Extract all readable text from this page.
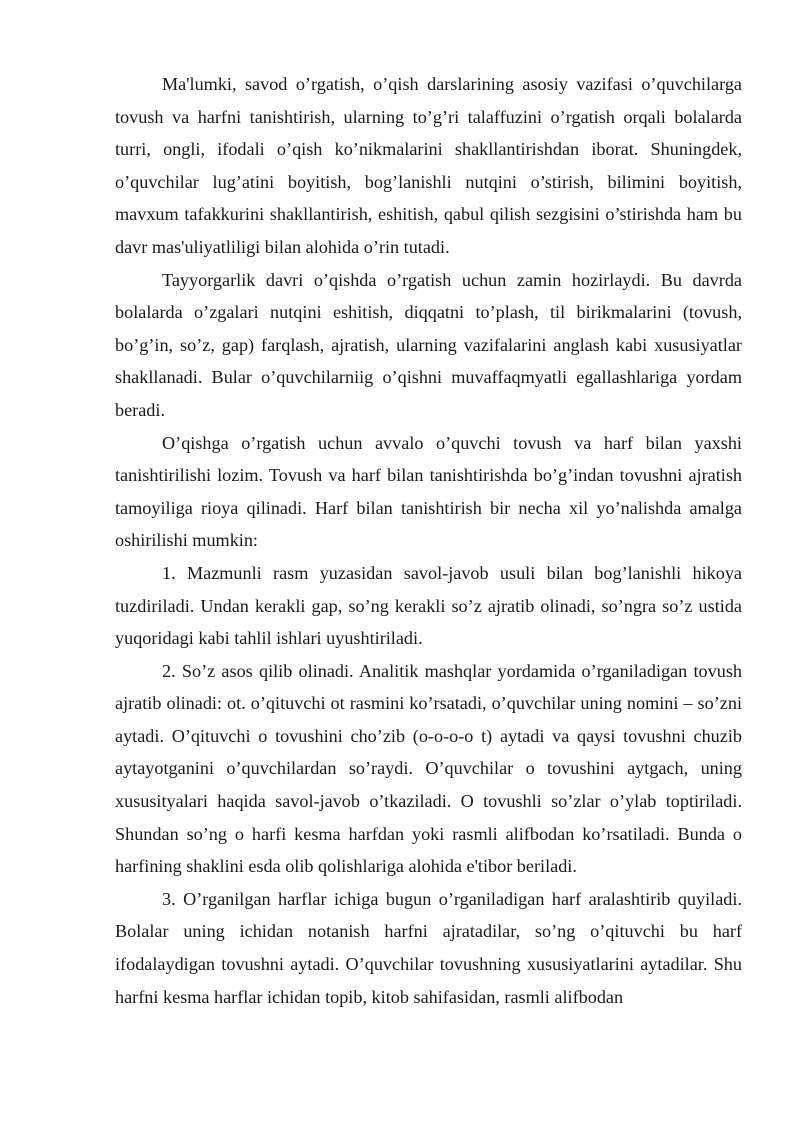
Ma'lumki, savod o’rgatish, o’qish darslarining asosiy vazifasi o’quvchilarga tovush va harfni tanishtirish, ularning to’g’ri talaffuzini o’rgatish orqali bolalarda turri, ongli, ifodali o’qish ko’nikmalarini shakllantirishdan iborat. Shuningdek, o’quvchilar lug’atini boyitish, bog’lanishli nutqini o’stirish, bilimini boyitish, mavxum tafakkurini shakllantirish, eshitish, qabul qilish sezgisini o’stirishda ham bu davr mas'uliyatliligi bilan alohida o’rin tutadi.

Tayyorgarlik davri o’qishda o’rgatish uchun zamin hozirlaydi. Bu davrda bolalarda o’zgalari nutqini eshitish, diqqatni to’plash, til birikmalarini (tovush, bo’g’in, so’z, gap) farqlash, ajratish, ularning vazifalarini anglash kabi xususiyatlar shakllanadi. Bular o’quvchilarniig o’qishni muvaffaqmyatli egallashlariga yordam beradi.

O’qishga o’rgatish uchun avvalo o’quvchi tovush va harf bilan yaxshi tanishtirilishi lozim. Tovush va harf bilan tanishtirishda bo’g’indan tovushni ajratish tamoyiliga rioya qilinadi. Harf bilan tanishtirish bir necha xil yo’nalishda amalga oshirilishi mumkin:

1. Mazmunli rasm yuzasidan savol-javob usuli bilan bog’lanishli hikoya tuzdiriladi. Undan kerakli gap, so’ng kerakli so’z ajratib olinadi, so’ngra so’z ustida yuqoridagi kabi tahlil ishlari uyushtiriladi.

2. So’z asos qilib olinadi. Analitik mashqlar yordamida o’rganiladigan tovush ajratib olinadi: ot. o’qituvchi ot rasmini ko’rsatadi, o’quvchilar uning nomini – so’zni aytadi. O’qituvchi o tovushini cho’zib (o-o-o-o t) aytadi va qaysi tovushni chuzib aytayotganini o’quvchilardan so’raydi. O’quvchilar o tovushini aytgach, uning xususityalari haqida savol-javob o’tkaziladi. O tovushli so’zlar o’ylab toptiriladi. Shundan so’ng o harfi kesma harfdan yoki rasmli alifbodan ko’rsatiladi. Bunda o harfining shaklini esda olib qolishlariga alohida e'tibor beriladi.

3. O’rganilgan harflar ichiga bugun o’rganiladigan harf aralashtirib quyiladi. Bolalar uning ichidan notanish harfni ajratadilar, so’ng o’qituvchi bu harf ifodalaydigan tovushni aytadi. O’quvchilar tovushning xususiyatlarini aytadilar. Shu harfni kesma harflar ichidan topib, kitob sahifasidan, rasmli alifbodan
